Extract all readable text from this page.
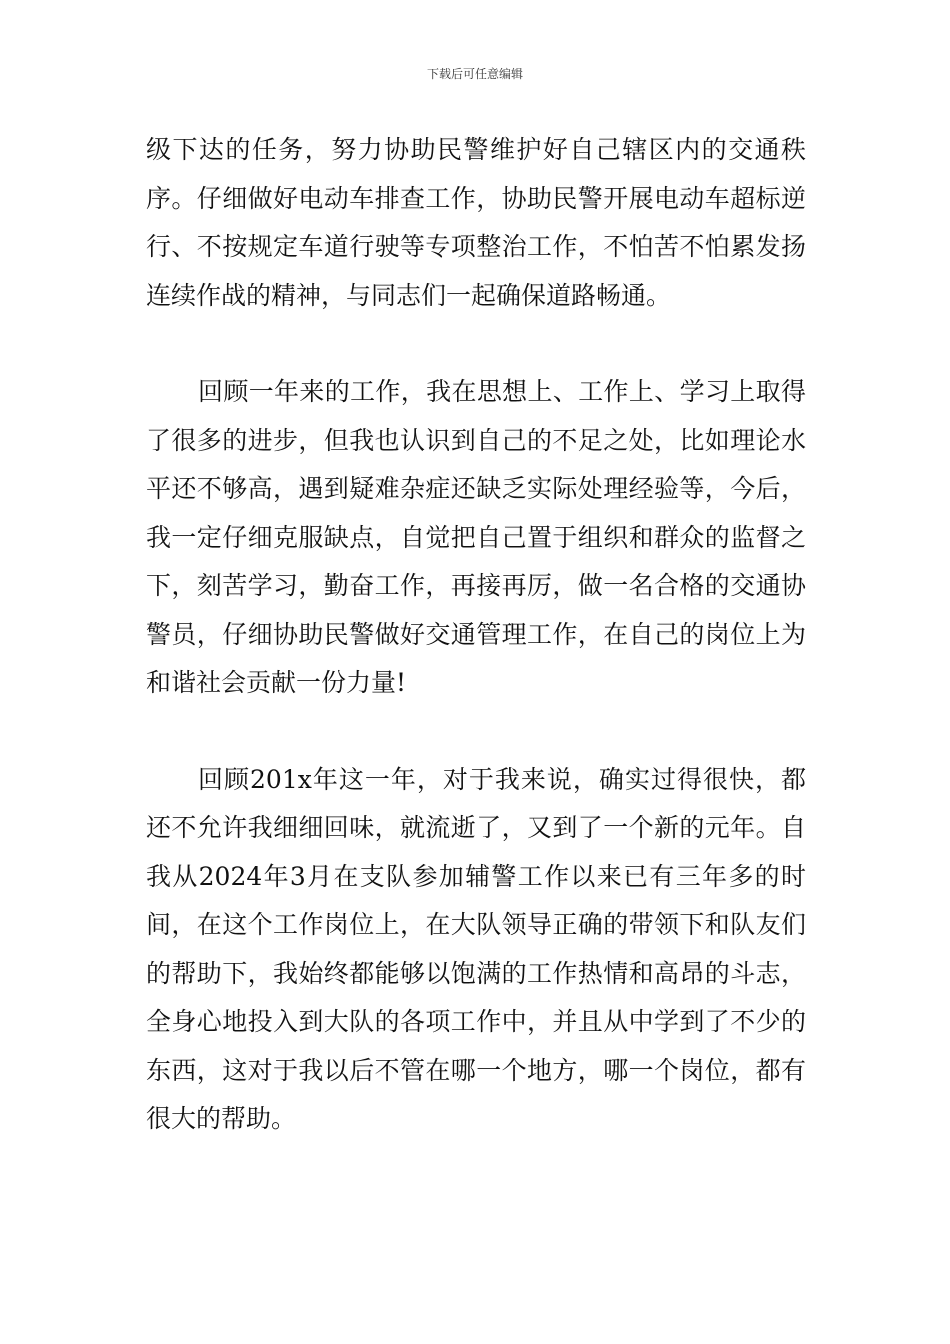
下载后可任意编辑

级下达的任务，努力协助民警维护好自己辖区内的交通秩序。仔细做好电动车排查工作，协助民警开展电动车超标逆行、不按规定车道行驶等专项整治工作，不怕苦不怕累发扬连续作战的精神，与同志们一起确保道路畅通。

回顾一年来的工作，我在思想上、工作上、学习上取得了很多的进步，但我也认识到自己的不足之处，比如理论水平还不够高，遇到疑难杂症还缺乏实际处理经验等，今后，我一定仔细克服缺点，自觉把自己置于组织和群众的监督之下，刻苦学习，勤奋工作，再接再厉，做一名合格的交通协警员，仔细协助民警做好交通管理工作，在自己的岗位上为和谐社会贡献一份力量!

回顾201x年这一年，对于我来说，确实过得很快，都还不允许我细细回味，就流逝了，又到了一个新的元年。自我从2024年3月在支队参加辅警工作以来已有三年多的时间，在这个工作岗位上，在大队领导正确的带领下和队友们的帮助下，我始终都能够以饱满的工作热情和高昂的斗志，全身心地投入到大队的各项工作中，并且从中学到了不少的东西，这对于我以后不管在哪一个地方，哪一个岗位，都有很大的帮助。
